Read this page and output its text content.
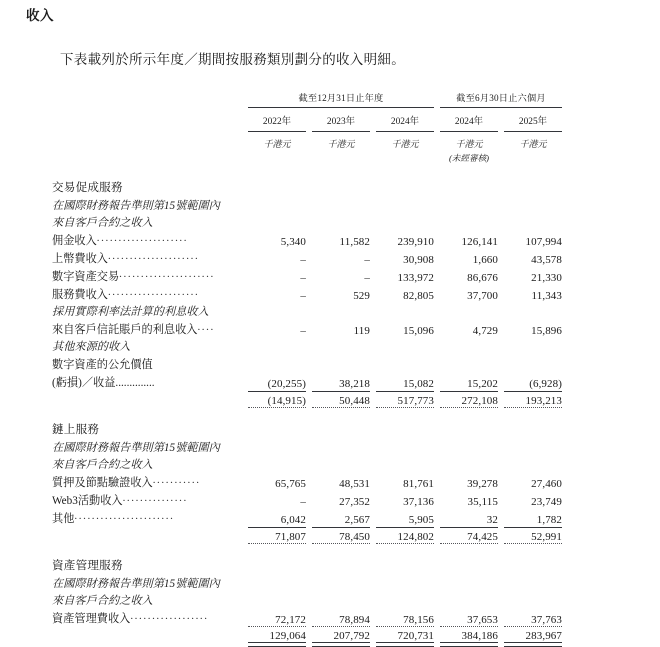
收入
下表載列於所示年度／期間按服務類別劃分的收入明細。
		截至12月31日止年度						截至6月30日止六個月		

		2022年		2023年		2024年		2024年		2025年

		千港元		千港元		千港元		千港元		千港元
								(未經審核)		
交易促成服務										
在國際財務報告準則第15號範圍內										
來自客戶合約之收入										
佣金收入.....................		5,340		11,582		239,910		126,141		107,994
上幣費收入.....................		–		–		30,908		1,660		43,578
數字資產交易......................		–		–		133,972		86,676		21,330
服務費收入.....................		–		529		82,805		37,700		11,343
採用實際利率法計算的利息收入										
來自客戶信託賬戶的利息收入....		–		119		15,096		4,729		15,896
其他來源的收入										
數字資產的公允價值										
(虧損)／收益..............		(20,255)		38,218		15,082		15,202		(6,928)

		(14,915)		50,448		517,773		272,108		193,213

鏈上服務										
在國際財務報告準則第15號範圍內										
來自客戶合約之收入										
質押及節點驗證收入...........		65,765		48,531		81,761		39,278		27,460
Web3活動收入...............		–		27,352		37,136		35,115		23,749
其他.......................		6,042		2,567		5,905		32		1,782

		71,807		78,450		124,802		74,425		52,991

資產管理服務										
在國際財務報告準則第15號範圍內										
來自客戶合約之收入										
資產管理費收入..................		72,172		78,894		78,156		37,653		37,763

		129,064		207,792		720,731		384,186		283,967
